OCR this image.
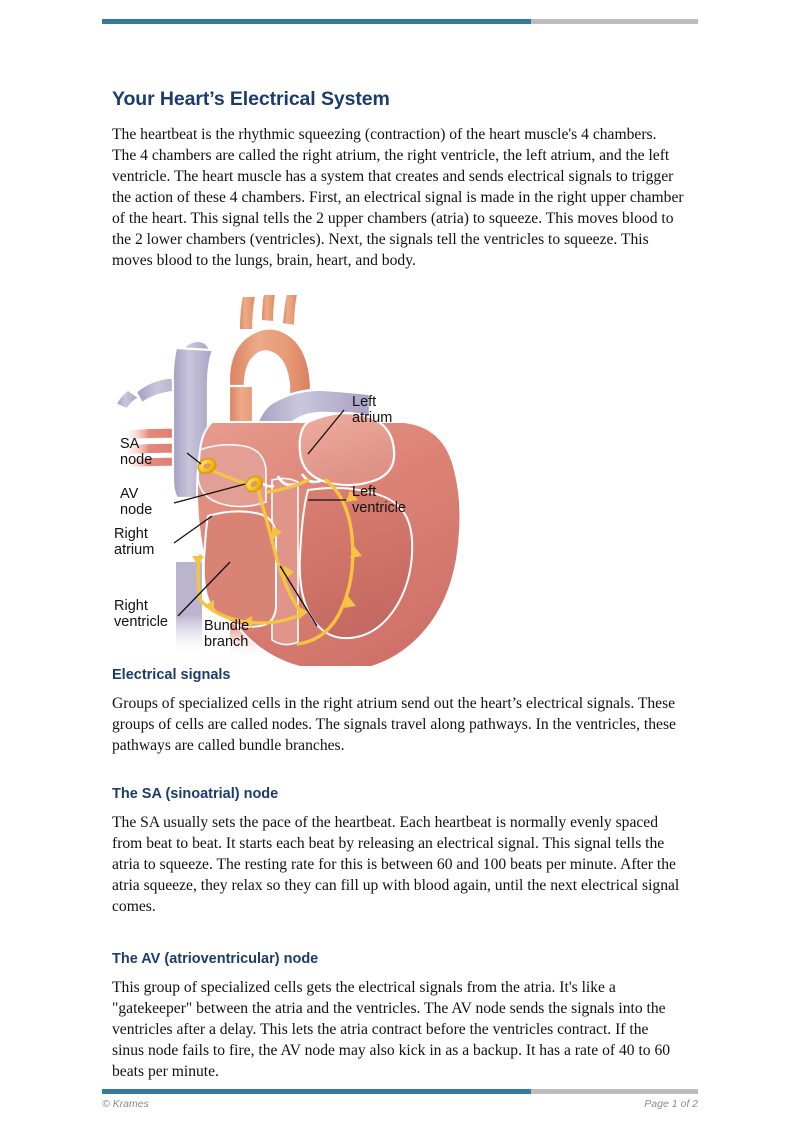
Your Heart’s Electrical System

The heartbeat is the rhythmic squeezing (contraction) of the heart muscle's 4 chambers. The 4 chambers are called the right atrium, the right ventricle, the left atrium, and the left ventricle. The heart muscle has a system that creates and sends electrical signals to trigger the action of these 4 chambers. First, an electrical signal is made in the right upper chamber of the heart. This signal tells the 2 upper chambers (atria) to squeeze. This moves blood to the 2 lower chambers (ventricles). Next, the signals tell the ventricles to squeeze. This moves blood to the lungs, brain, heart, and body.

SA
node
AV
node
Right
atrium
Right
ventricle Bundle
branch
Left
atrium
Left
ventricle
Electrical signals

Groups of specialized cells in the right atrium send out the heart’s electrical signals. These groups of cells are called nodes. The signals travel along pathways. In the ventricles, these pathways are called bundle branches.

The SA (sinoatrial) node

The SA usually sets the pace of the heartbeat. Each heartbeat is normally evenly spaced from beat to beat. It starts each beat by releasing an electrical signal. This signal tells the atria to squeeze. The resting rate for this is between 60 and 100 beats per minute. After the atria squeeze, they relax so they can fill up with blood again, until the next electrical signal comes.

The AV (atrioventricular) node

This group of specialized cells gets the electrical signals from the atria. It's like a "gatekeeper" between the atria and the ventricles. The AV node sends the signals into the ventricles after a delay. This lets the atria contract before the ventricles contract. If the sinus node fails to fire, the AV node may also kick in as a backup. It has a rate of 40 to 60 beats per minute.

© Krames	Page 1 of 2
